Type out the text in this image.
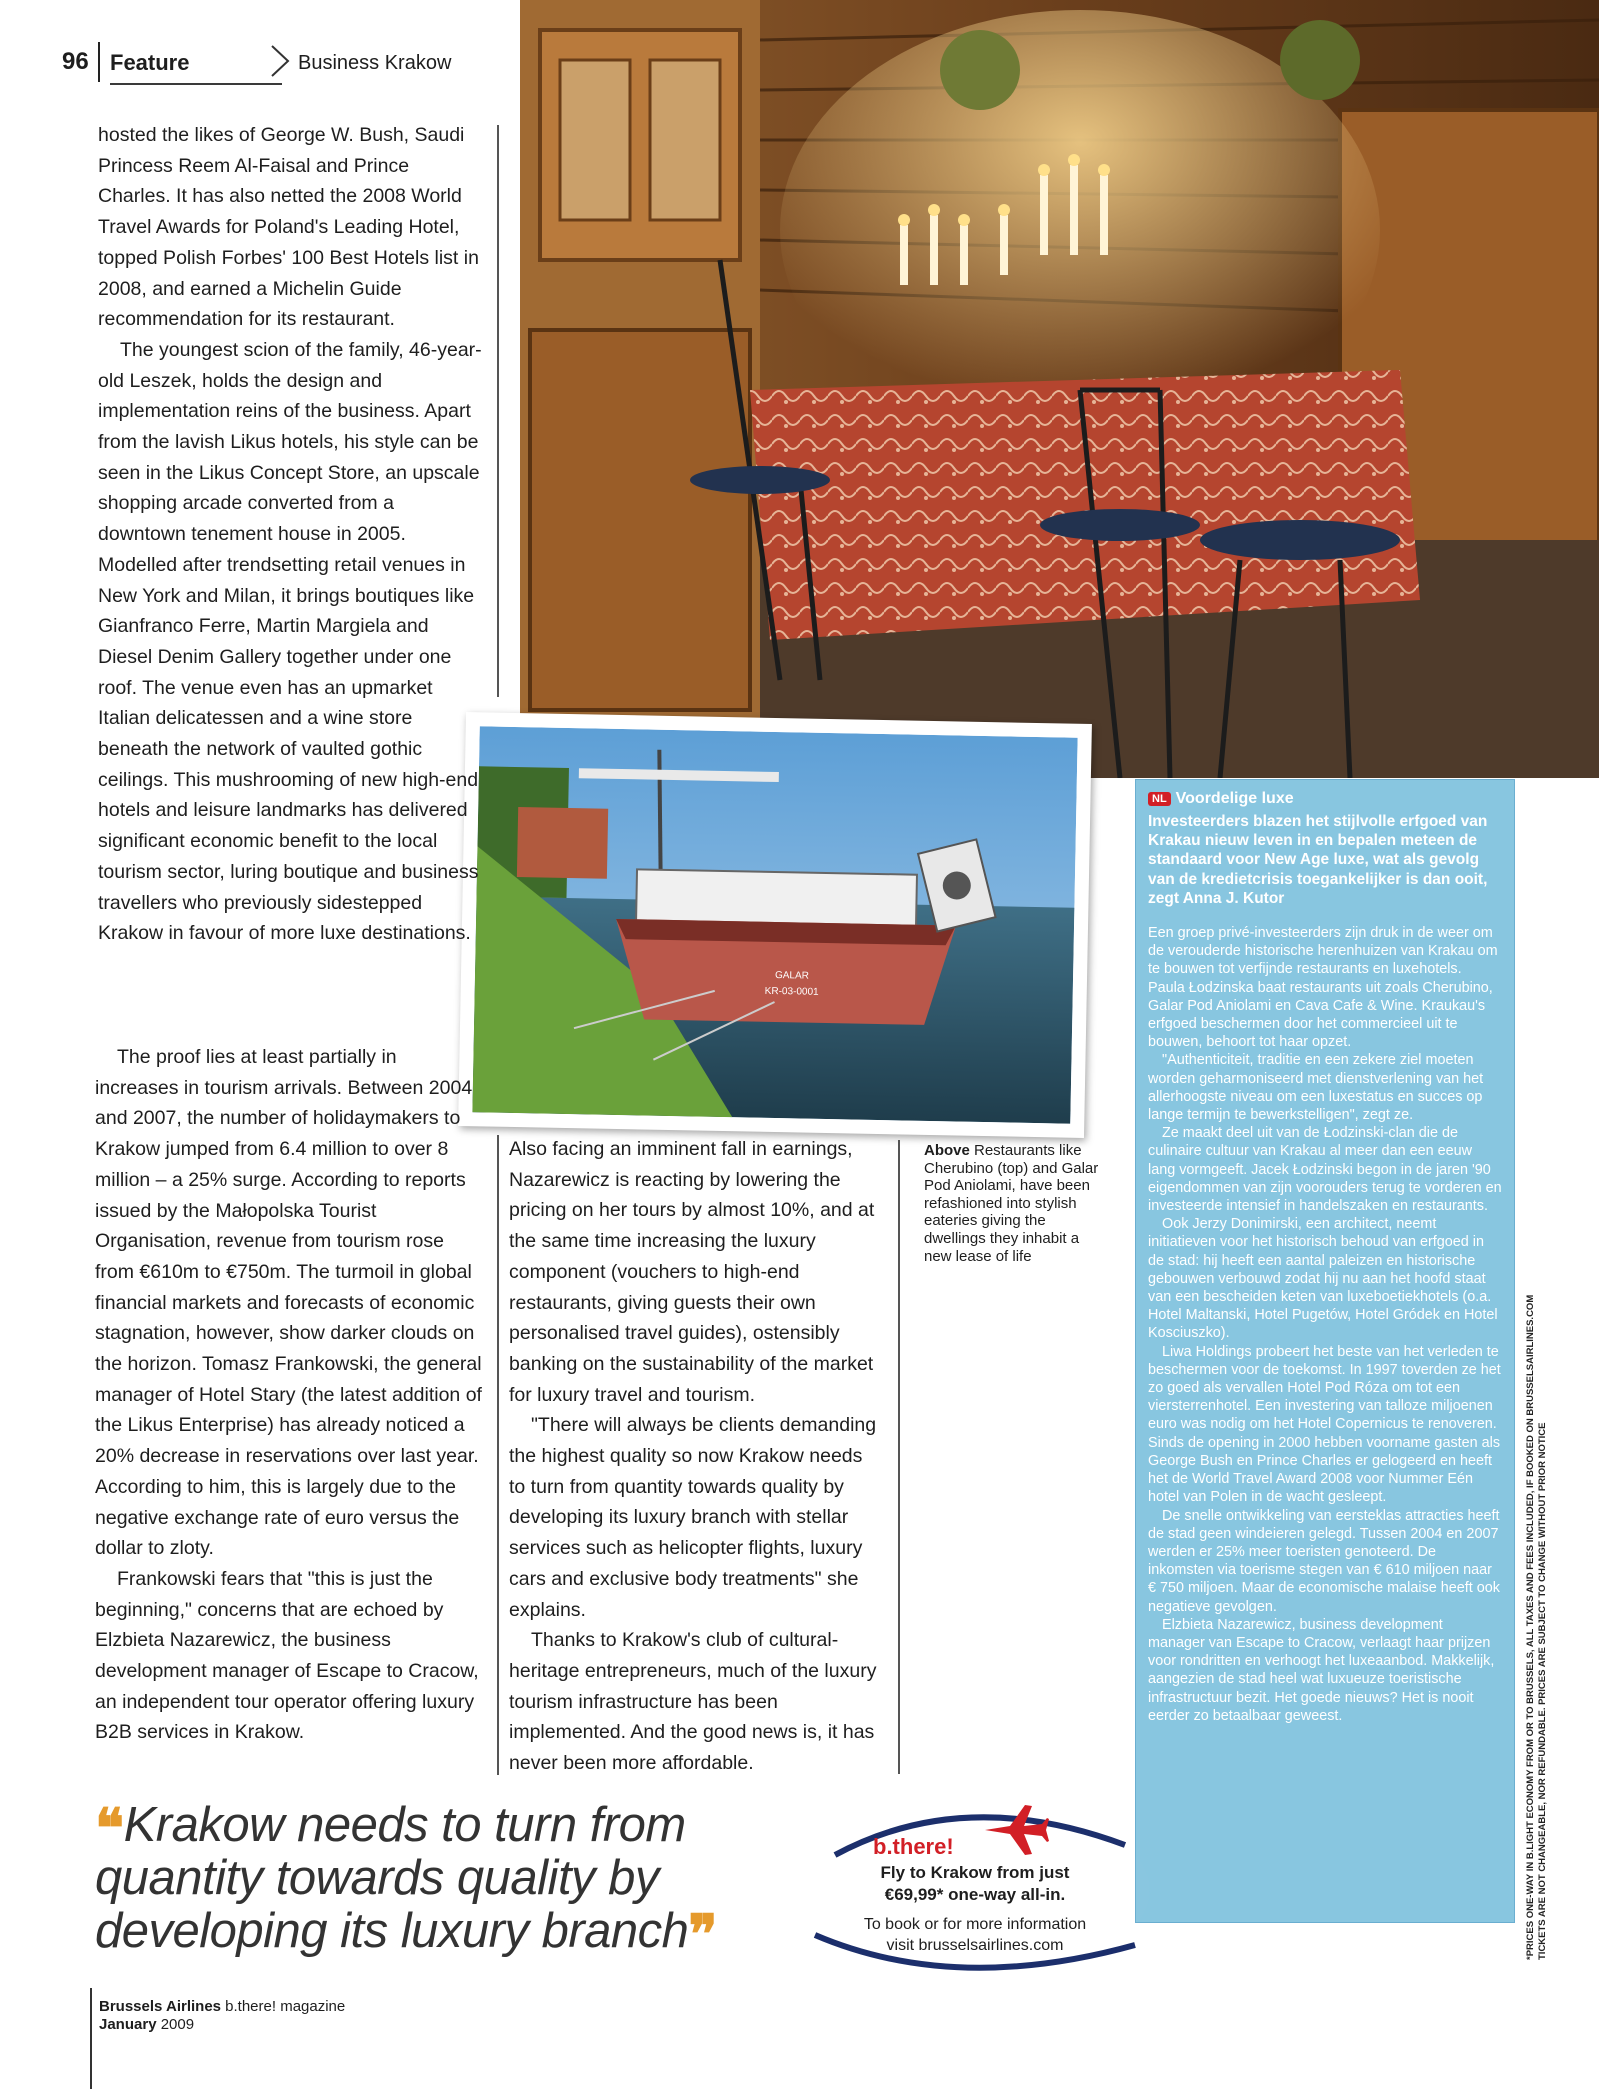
96 Feature	Business Krakow
GALAR
KR-03-0001

hosted the likes of George W. Bush, Saudi Princess Reem Al-Faisal and Prince Charles. It has also netted the 2008 World Travel Awards for Poland's Leading Hotel, topped Polish Forbes' 100 Best Hotels list in 2008, and earned a Michelin Guide recommendation for its restaurant.

The youngest scion of the family, 46-year-old Leszek, holds the design and implementation reins of the business. Apart from the lavish Likus hotels, his style can be seen in the Likus Concept Store, an upscale shopping arcade converted from a downtown tenement house in 2005. Modelled after trendsetting retail venues in New York and Milan, it brings boutiques like Gianfranco Ferre, Martin Margiela and Diesel Denim Gallery together under one roof. The venue even has an upmarket Italian delicatessen and a wine store beneath the network of vaulted gothic ceilings. This mushrooming of new high-end hotels and leisure landmarks has delivered significant economic benefit to the local tourism sector, luring boutique and business travellers who previously sidestepped Krakow in favour of more luxe destinations.

The proof lies at least partially in increases in tourism arrivals. Between 2004 and 2007, the number of holidaymakers to Krakow jumped from 6.4 million to over 8 million – a 25% surge. According to reports issued by the Małopolska Tourist Organisation, revenue from tourism rose from €610m to €750m. The turmoil in global financial markets and forecasts of economic stagnation, however, show darker clouds on the horizon. Tomasz Frankowski, the general manager of Hotel Stary (the latest addition of the Likus Enterprise) has already noticed a 20% decrease in reservations over last year. According to him, this is largely due to the negative exchange rate of euro versus the dollar to zloty.

Frankowski fears that "this is just the beginning," concerns that are echoed by Elzbieta Nazarewicz, the business development manager of Escape to Cracow, an independent tour operator offering luxury B2B services in Krakow.

Also facing an imminent fall in earnings, Nazarewicz is reacting by lowering the pricing on her tours by almost 10%, and at the same time increasing the luxury component (vouchers to high-end restaurants, giving guests their own personalised travel guides), ostensibly banking on the sustainability of the market for luxury travel and tourism.

"There will always be clients demanding the highest quality so now Krakow needs to turn from quantity towards quality by developing its luxury branch with stellar services such as helicopter flights, luxury cars and exclusive body treatments" she explains.

Thanks to Krakow's club of cultural-heritage entrepreneurs, much of the luxury tourism infrastructure has been implemented. And the good news is, it has never been more affordable.

Above Restaurants like Cherubino (top) and Galar Pod Aniolami, have been refashioned into stylish eateries giving the dwellings they inhabit a new lease of life
NL Voordelige luxe
Investeerders blazen het stijlvolle erfgoed van Krakau nieuw leven in en bepalen meteen de standaard voor New Age luxe, wat als gevolg van de kredietcrisis toegankelijker is dan ooit, zegt Anna J. Kutor

Een groep privé-investeerders zijn druk in de weer om de verouderde historische herenhuizen van Krakau om te bouwen tot verfijnde restaurants en luxehotels. Paula Łodzinska baat restaurants uit zoals Cherubino, Galar Pod Aniolami en Cava Cafe & Wine. Kraukau's erfgoed beschermen door het commercieel uit te bouwen, behoort tot haar opzet.

"Authenticiteit, traditie en een zekere ziel moeten worden geharmoniseerd met dienstverlening van het allerhoogste niveau om een luxestatus en succes op lange termijn te bewerkstelligen", zegt ze.

Ze maakt deel uit van de Łodzinski-clan die de culinaire cultuur van Krakau al meer dan een eeuw lang vormgeeft. Jacek Łodzinski begon in de jaren '90 eigendommen van zijn voorouders terug te vorderen en investeerde intensief in handelszaken en restaurants.

Ook Jerzy Donimirski, een architect, neemt initiatieven voor het historisch behoud van erfgoed in de stad: hij heeft een aantal paleizen en historische gebouwen verbouwd zodat hij nu aan het hoofd staat van een bescheiden keten van luxeboetiekhotels (o.a. Hotel Maltanski, Hotel Pugetów, Hotel Gródek en Hotel Kosciuszko).

Liwa Holdings probeert het beste van het verleden te beschermen voor de toekomst. In 1997 toverden ze het zo goed als vervallen Hotel Pod Róza om tot een viersterrenhotel. Een investering van talloze miljoenen euro was nodig om het Hotel Copernicus te renoveren. Sinds de opening in 2000 hebben voorname gasten als George Bush en Prince Charles er gelogeerd en heeft het de World Travel Award 2008 voor Nummer Eén hotel van Polen in de wacht gesleept.

De snelle ontwikkeling van eersteklas attracties heeft de stad geen windeieren gelegd. Tussen 2004 en 2007 werden er 25% meer toeristen genoteerd. De inkomsten via toerisme stegen van € 610 miljoen naar € 750 miljoen. Maar de economische malaise heeft ook negatieve gevolgen.

Elzbieta Nazarewicz, business development manager van Escape to Cracow, verlaagt haar prijzen voor rondritten en verhoogt het luxeaanbod. Makkelijk, aangezien de stad heel wat luxueuze toeristische infrastructuur bezit. Het goede nieuws? Het is nooit eerder zo betaalbaar geweest.	*PRICES ONE-WAY IN B.LIGHT ECONOMY FROM OR TO BRUSSELS, ALL TAXES AND FEES INCLUDED, IF BOOKED ON BRUSSELSAIRLINES.COM TICKETS ARE NOT CHANGEABLE, NOR REFUNDABLE. PRICES ARE SUBJECT TO CHANGE WITHOUT PRIOR NOTICE
❝Krakow needs to turn from quantity towards quality by developing its luxury branch❞
b.there!
Fly to Krakow from just
€69,99* one-way all-in.
To book or for more information
visit brusselsairlines.com
Brussels Airlines b.there! magazine
January 2009
